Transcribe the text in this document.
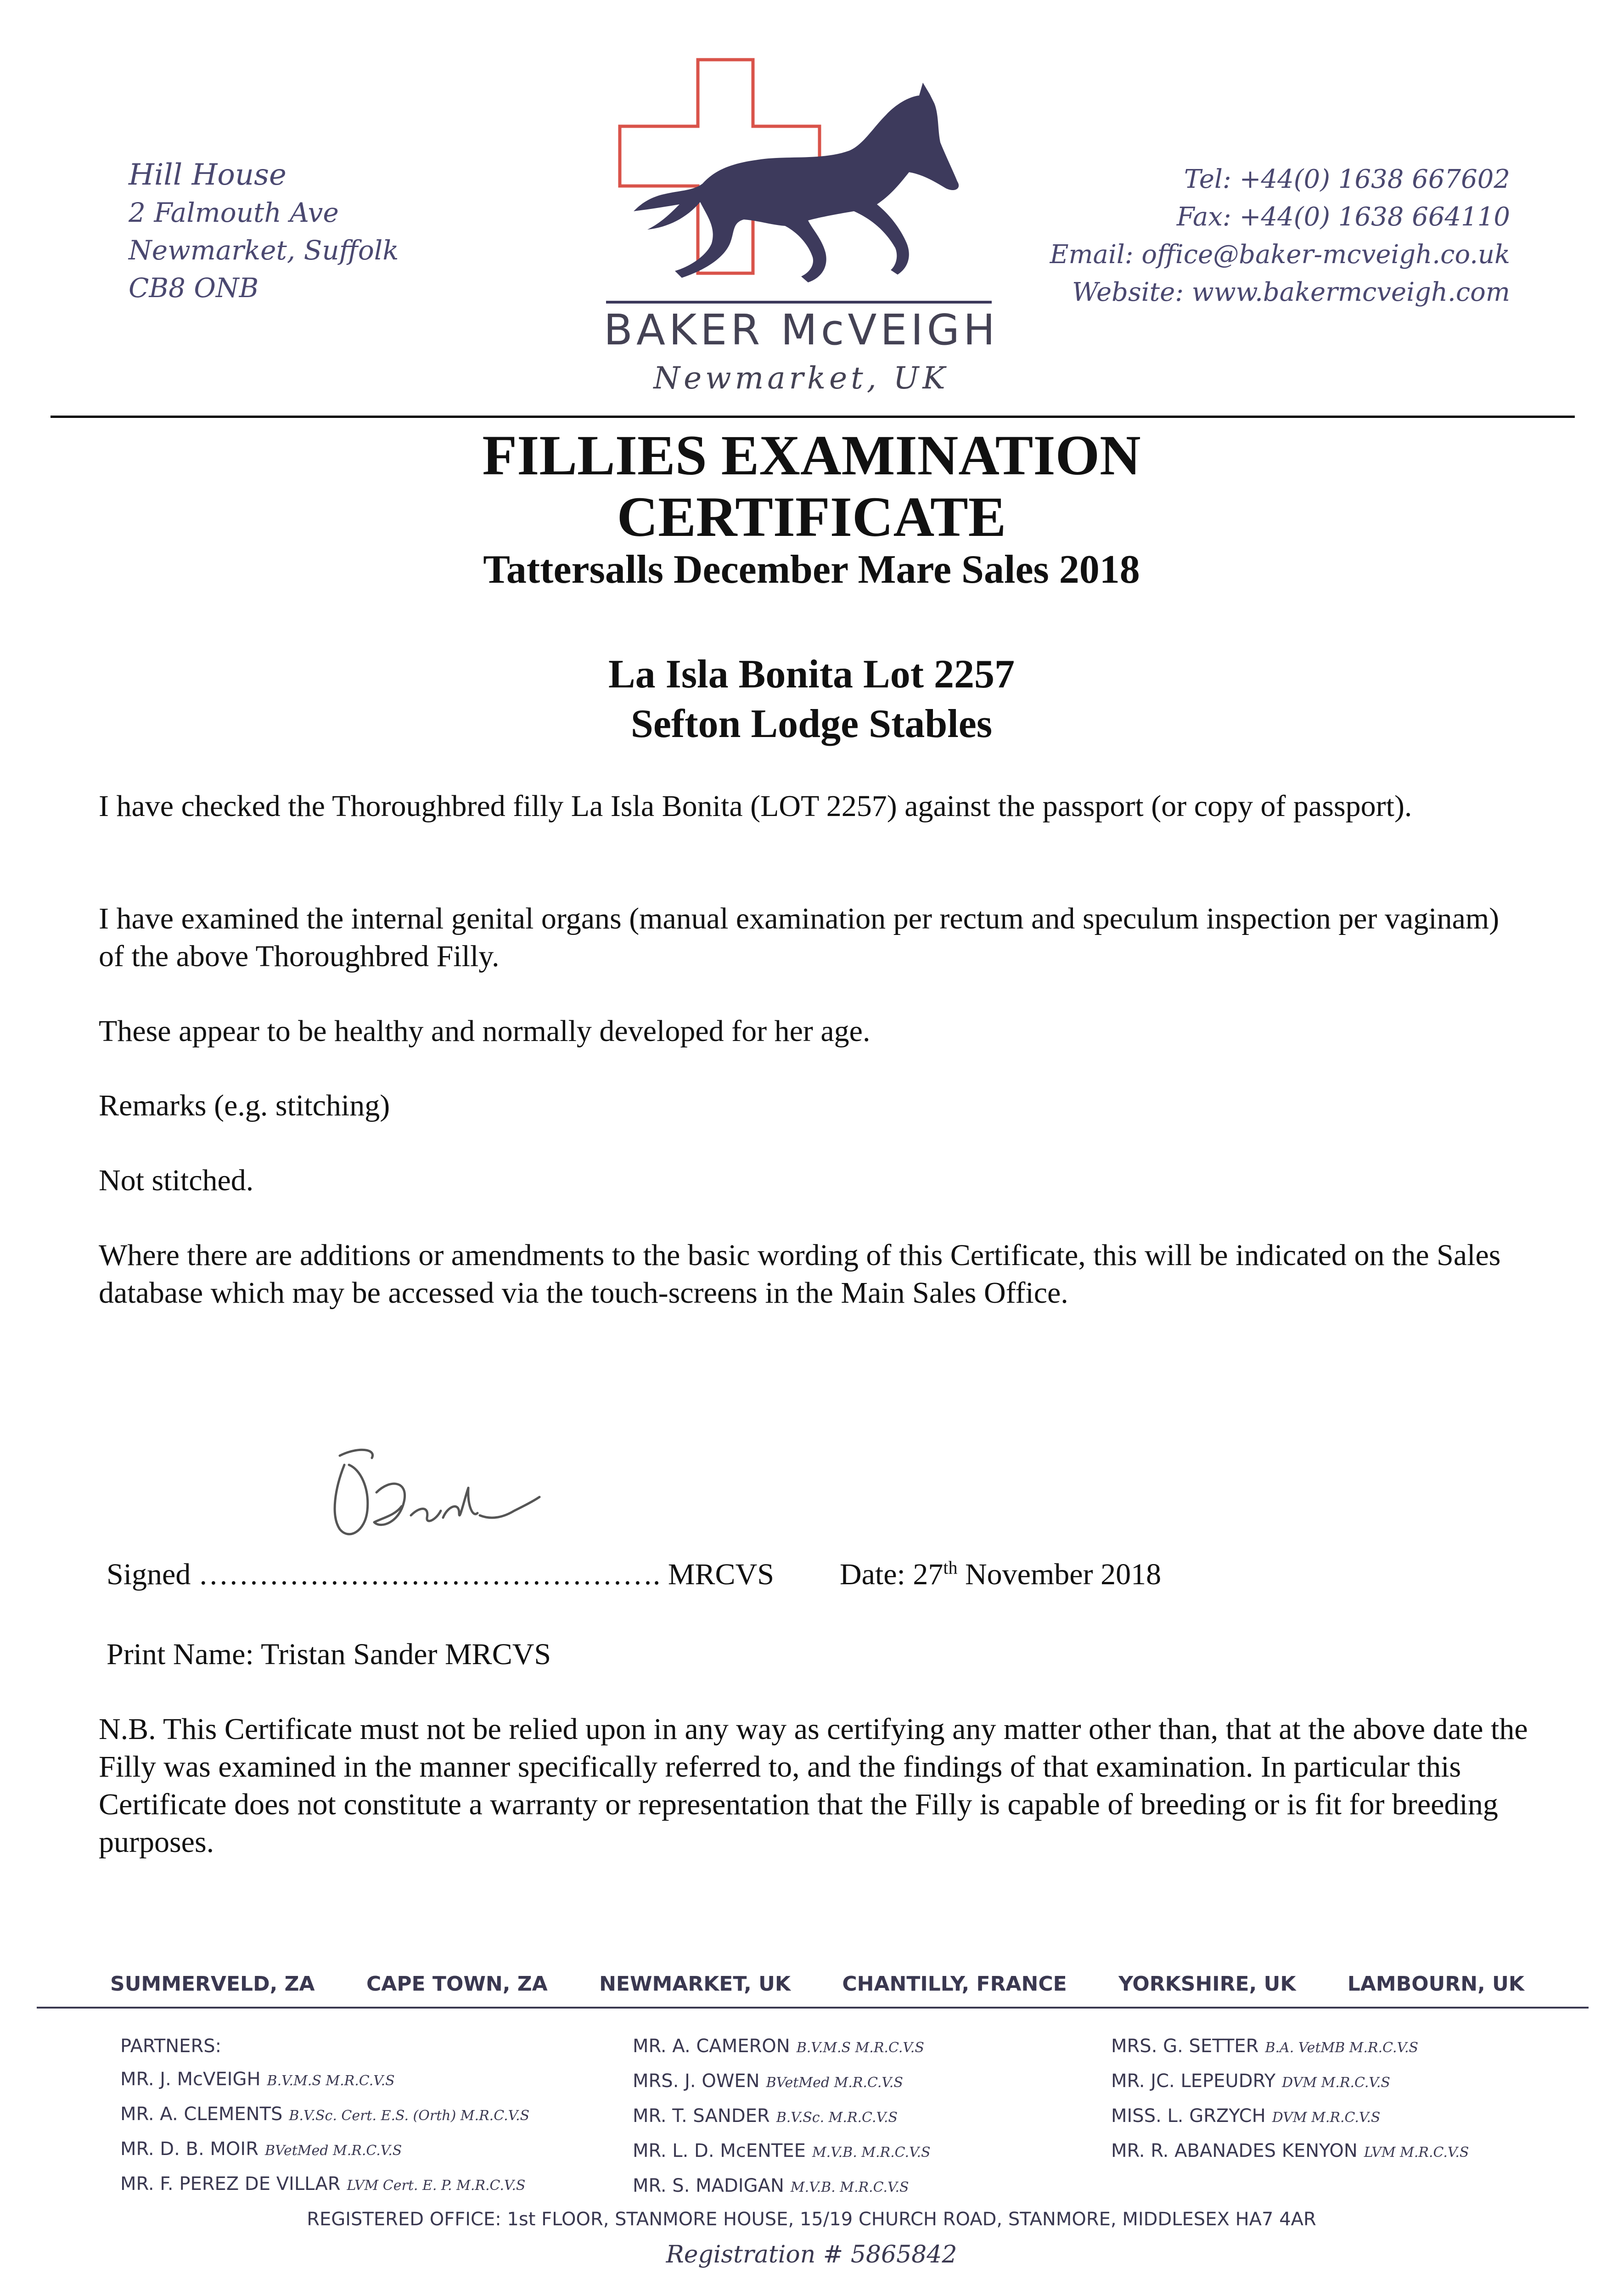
Hill House
2 Falmouth Ave
Newmarket, Suffolk
CB8 ONB
BAKER McVEIGH
Newmarket, UK
Tel: +44(0) 1638 667602
Fax: +44(0) 1638 664110
Email: office@baker-mcveigh.co.uk
Website: www.bakermcveigh.com
FILLIES EXAMINATION
CERTIFICATE
Tattersalls December Mare Sales 2018
La Isla Bonita Lot 2257
Sefton Lodge Stables
I have checked the Thoroughbred filly La Isla Bonita (LOT 2257) against the passport (or copy of passport).
I have examined the internal genital organs (manual examination per rectum and speculum inspection per vaginam) of the above Thoroughbred Filly.
These appear to be healthy and normally developed for her age.
Remarks (e.g. stitching)
Not stitched.
Where there are additions or amendments to the basic wording of this Certificate, this will be indicated on the Sales database which may be accessed via the touch-screens in the Main Sales Office.
Signed ………………………………………. MRCVS Date: 27th November 2018
Print Name: Tristan Sander MRCVS
N.B. This Certificate must not be relied upon in any way as certifying any matter other than, that at the above date the Filly was examined in the manner specifically referred to, and the findings of that examination. In particular this Certificate does not constitute a warranty or representation that the Filly is capable of breeding or is fit for breeding purposes.
SUMMERVELD, ZA	CAPE TOWN, ZA	NEWMARKET, UK	CHANTILLY, FRANCE	YORKSHIRE, UK	LAMBOURN, UK
PARTNERS:
MR. J. McVEIGH B.V.M.S M.R.C.V.S
MR. A. CLEMENTS B.V.Sc. Cert. E.S. (Orth) M.R.C.V.S
MR. D. B. MOIR BVetMed M.R.C.V.S
MR. F. PEREZ DE VILLAR LVM Cert. E. P. M.R.C.V.S
MR. A. CAMERON B.V.M.S M.R.C.V.S
MRS. J. OWEN BVetMed M.R.C.V.S
MR. T. SANDER B.V.Sc. M.R.C.V.S
MR. L. D. McENTEE M.V.B. M.R.C.V.S
MR. S. MADIGAN M.V.B. M.R.C.V.S
MRS. G. SETTER B.A. VetMB M.R.C.V.S
MR. JC. LEPEUDRY DVM M.R.C.V.S
MISS. L. GRZYCH DVM M.R.C.V.S
MR. R. ABANADES KENYON LVM M.R.C.V.S
REGISTERED OFFICE: 1st FLOOR, STANMORE HOUSE, 15/19 CHURCH ROAD, STANMORE, MIDDLESEX HA7 4AR
Registration # 5865842
